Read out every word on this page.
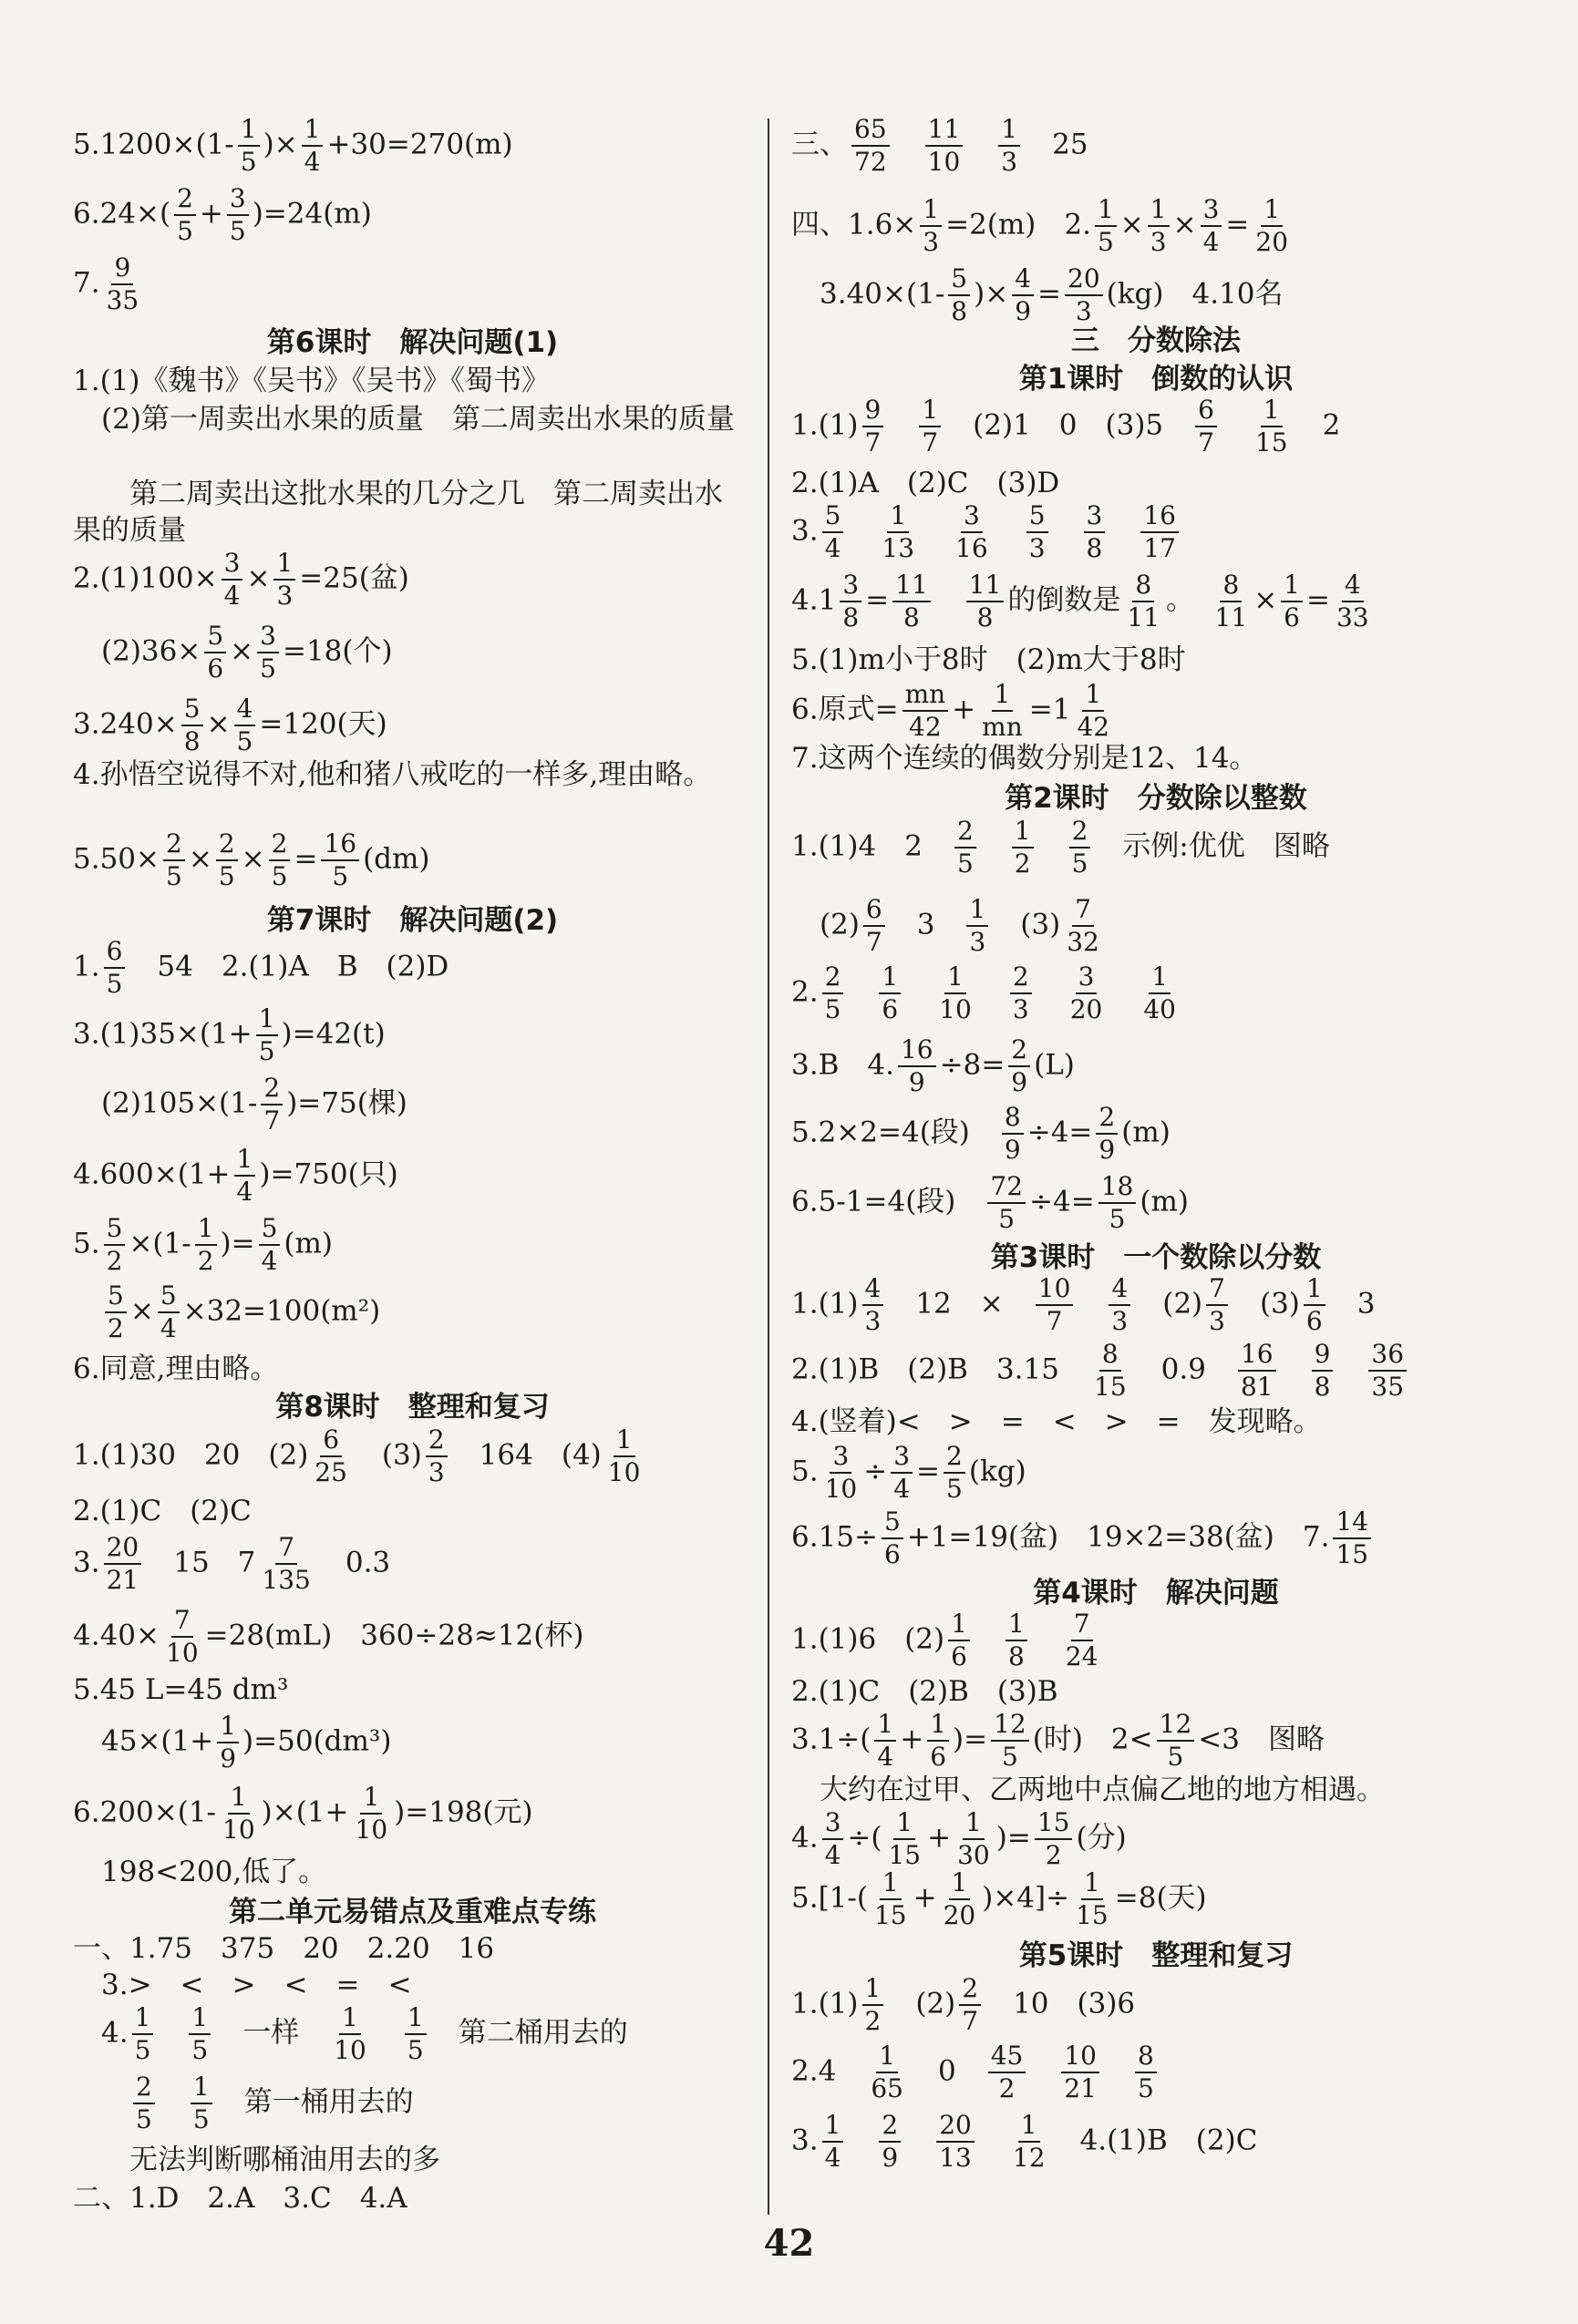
$5.1200\times(1- \frac{1}{5}$ )× $\frac{1}{4} +30=270(m)$
$6.24\times( \frac{2}{5} + \frac{3}{5} )=24(m)$
7. $\frac{9}{35}$
第6课时　解决问题(1)
1.(1)《魏书》《吴书》《吴书》《蜀书》
　(2)第一周卖出水果的质量　第二周卖出水果的质量
　　第二周卖出这批水果的几分之几　第二周卖出水果的质量
$2.(1)100\times \frac{3}{4} \times \frac{1}{3} =25$(盆)
　$(2)36\times \frac{5}{6} \times \frac{3}{5} =18$(个)
$3.240\times \frac{5}{8} \times \frac{4}{5} =120$(天)
4.孙悟空说得不对,他和猪八戒吃的一样多,理由略。
$5.50\times \frac{2}{5} \times \frac{2}{5} \times \frac{2}{5} = \frac{16}{5} (dm)$
第7课时　解决问题(2)
1. $\frac{6}{5}$ 　54　2.(1)A　B　(2)D
$3.(1)35\times(1+ \frac{1}{5} )=42(t)$
　$(2)105\times(1- \frac{2}{7} )=75$(棵)
$4.600\times(1+ \frac{1}{4} )=750$(只)
5. $\frac{5}{2} \times(1- \frac{1}{2}$ )= $\frac{5}{4} (m)$

$\frac{5}{2} \times \frac{5}{4} \times 32=100(m^2)$
6.同意,理由略。
第8课时　整理和复习
1.(1)30　20　$(2) \frac{6}{25}$ 　$(3) \frac{2}{3}$ 　164　$(4) \frac{1}{10}$
2.(1)C　(2)C
3. $\frac{20}{21}$ 　15　$7 \frac{7}{135}$ 　0.3
$4.40\times \frac{7}{10} =28(mL)$　360÷28≈12(杯)
5.45 L=45 dm³
　$45\times(1+ \frac{1}{9} )=50(dm^3)$
$6.200\times(1- \frac{1}{10} )\times(1+ \frac{1}{10} )=198$(元)
　198<200,低了。
第二单元易错点及重难点专练
一、1.75　375　20　2.20　16
　3.>　<　>　<　=　<
　4. $\frac{1}{5}$
　 $\frac{1}{5}$ 　一样　 $\frac{1}{10}$
　 $\frac{1}{5}$ 　第二桶用去的

$\frac{2}{5}$
　 $\frac{1}{5}$ 　第一桶用去的
　　无法判断哪桶油用去的多
二、1.D　2.A　3.C　4.A
三、 $\frac{65}{72}$
　 $\frac{11}{10}$
　 $\frac{1}{3}$ 　25
四、$1.6\times \frac{1}{3} =2(m)$　2. $\frac{1}{5} \times \frac{1}{3} \times \frac{3}{4} = \frac{1}{20}$
　$3.40\times(1- \frac{5}{8}$ )× $\frac{4}{9} = \frac{20}{3} (kg)$　4.10名
三　分数除法
第1课时　倒数的认识
$1.(1) \frac{9}{7}$
　 $\frac{1}{7}$ 　(2)1　0　(3)5　 $\frac{6}{7}$
　 $\frac{1}{15}$ 　2
2.(1)A　(2)C　(3)D
3. $\frac{5}{4}$
　 $\frac{1}{13}$
　 $\frac{3}{16}$
　 $\frac{5}{3}$
　 $\frac{3}{8}$
　 $\frac{16}{17}$
$4.1 \frac{3}{8} = \frac{11}{8}$
　 $\frac{11}{8}$ 的倒数是 $\frac{8}{11}$ 。　 $\frac{8}{11} \times \frac{1}{6} = \frac{4}{33}$
5.(1)m小于8时　(2)m大于8时
6.原式= $\frac{mn}{42} + \frac{1}{mn} =1 \frac{1}{42}$
7.这两个连续的偶数分别是12、14。
第2课时　分数除以整数
1.(1)4　2　 $\frac{2}{5}$
　 $\frac{1}{2}$
　 $\frac{2}{5}$ 　示例:优优　图略
　$(2) \frac{6}{7}$ 　3　 $\frac{1}{3}$ 　$(3) \frac{7}{32}$
2. $\frac{2}{5}$
　 $\frac{1}{6}$
　 $\frac{1}{10}$
　 $\frac{2}{3}$
　 $\frac{3}{20}$
　 $\frac{1}{40}$
3.B　4. $\frac{16}{9} \div 8= \frac{2}{9} (L)$
5.2×2=4(段)　 $\frac{8}{9} \div 4= \frac{2}{9} (m)$
6.5-1=4(段)　 $\frac{72}{5} \div 4= \frac{18}{5} (m)$
第3课时　一个数除以分数
$1.(1) \frac{4}{3}$ 　12　×　 $\frac{10}{7}$
　 $\frac{4}{3}$ 　$(2) \frac{7}{3}$ 　$(3) \frac{1}{6}$ 　3
2.(1)B　(2)B　3.15　 $\frac{8}{15}$ 　0.9　 $\frac{16}{81}$
　 $\frac{9}{8}$
　 $\frac{36}{35}$
4.(竖着)<　>　=　<　>　=　发现略。
5. $\frac{3}{10} \div \frac{3}{4} = \frac{2}{5} (kg)$
$6.15\div \frac{5}{6} +1=19$(盆)　19×2=38(盆)　7. $\frac{14}{15}$
第4课时　解决问题
1.(1)6　$(2) \frac{1}{6}$
　 $\frac{1}{8}$
　 $\frac{7}{24}$
2.(1)C　(2)B　(3)B
$3.1\div( \frac{1}{4} + \frac{1}{6}$ )= $\frac{12}{5}$ (时)　$2< \frac{12}{5} <3$　图略
　大约在过甲、乙两地中点偏乙地的地方相遇。
4. $\frac{3}{4}$ ÷( $\frac{1}{15} + \frac{1}{30}$ )= $\frac{15}{2}$ (分)
$5.[1-( \frac{1}{15} + \frac{1}{20} )\times 4]\div \frac{1}{15} =8$(天)
第5课时　整理和复习
$1.(1) \frac{1}{2}$ 　$(2) \frac{2}{7}$ 　10　(3)6
2.4　 $\frac{1}{65}$ 　0　 $\frac{45}{2}$
　 $\frac{10}{21}$
　 $\frac{8}{5}$
3. $\frac{1}{4}$
　 $\frac{2}{9}$
　 $\frac{20}{13}$
　 $\frac{1}{12}$ 　4.(1)B　(2)C
42
